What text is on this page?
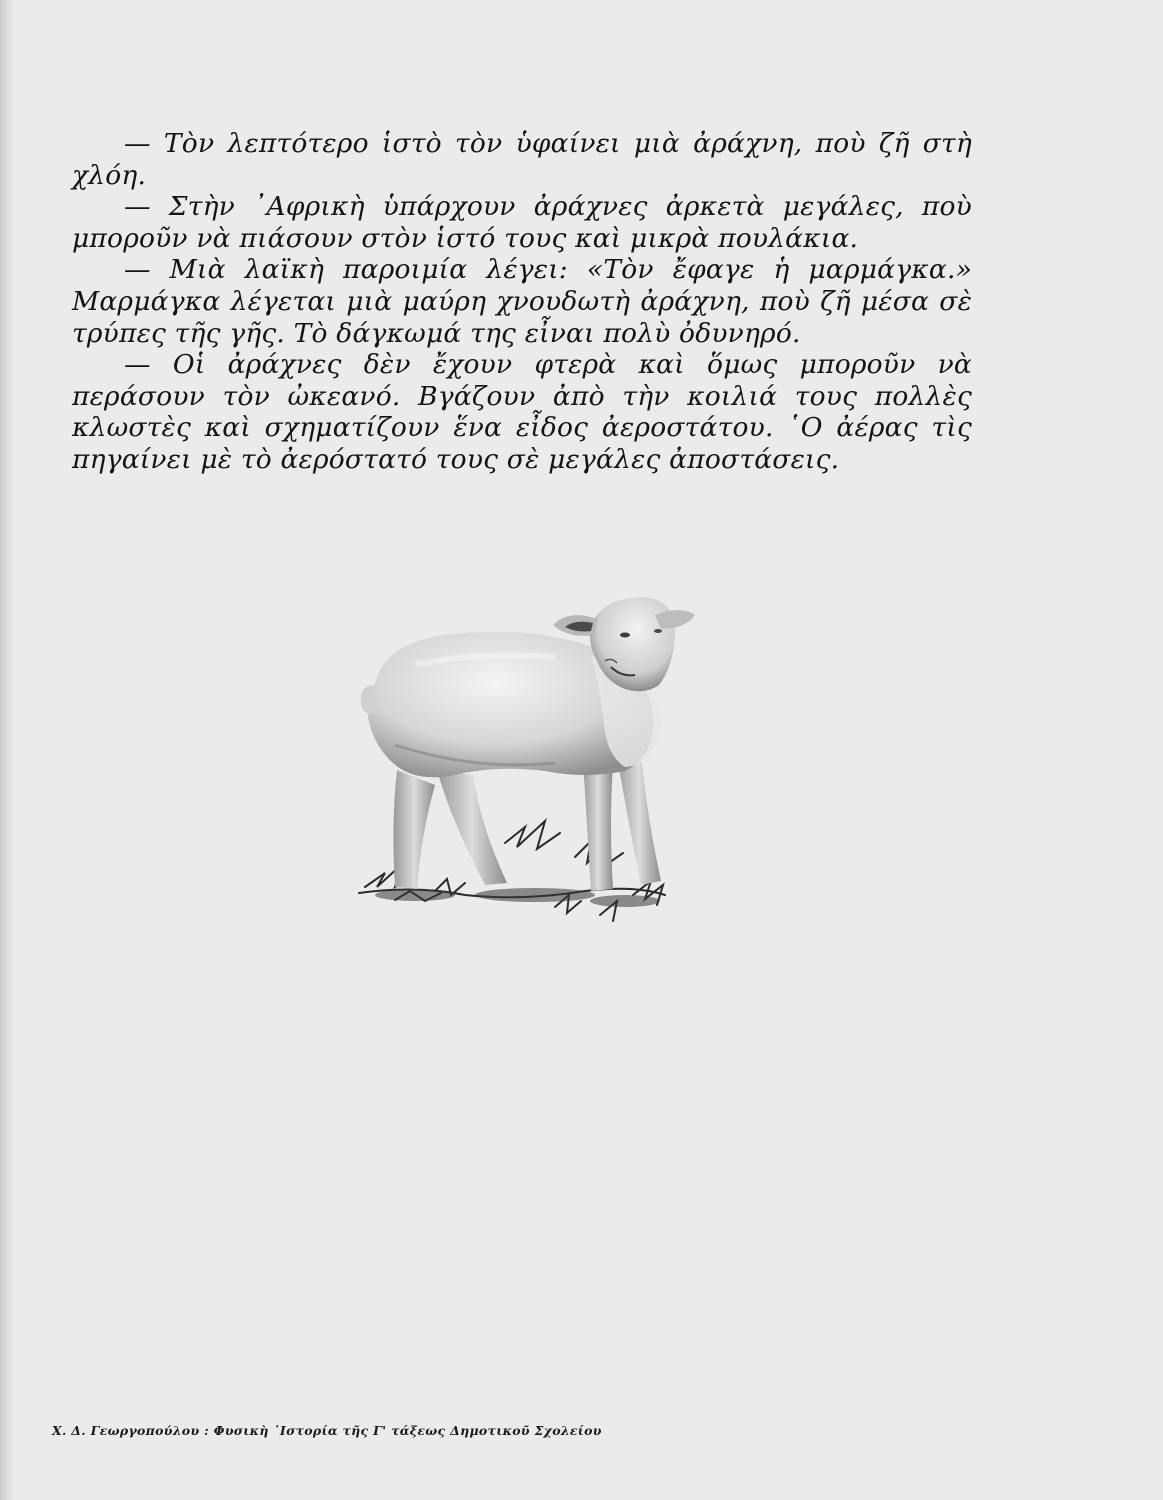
— Τὸν λεπτότερο ἱστὸ τὸν ὑφαίνει μιὰ ἀράχνη, ποὺ ζῆ στὴ χλόη.

— Στὴν ᾿Αφρικὴ ὑπάρχουν ἀράχνες ἀρκετὰ μεγάλες, ποὺ μποροῦν νὰ πιάσουν στὸν ἱστό τους καὶ μικρὰ πουλάκια.

— Μιὰ λαϊκὴ παροιμία λέγει: «Τὸν ἔφαγε ἡ μαρμάγκα.» Μαρμάγκα λέγεται μιὰ μαύρη χνουδωτὴ ἀράχνη, ποὺ ζῆ μέσα σὲ τρύπες τῆς γῆς. Τὸ δάγκωμά της εἶναι πολὺ ὀδυνηρό.

— Οἱ ἀράχνες δὲν ἔχουν φτερὰ καὶ ὅμως μποροῦν νὰ περάσουν τὸν ὠκεανό. Βγάζουν ἀπὸ τὴν κοιλιά τους πολλὲς κλωστὲς καὶ σχηματίζουν ἕνα εἶδος ἀεροστάτου. ῾Ο ἀέρας τὶς πηγαίνει μὲ τὸ ἀερόστατό τους σὲ μεγάλες ἀποστάσεις.

Χ. Δ. Γεωργοπούλου : Φυσικὴ ῾Ιστορία τῆς Γ' τάξεως Δημοτικοῦ Σχολείου
